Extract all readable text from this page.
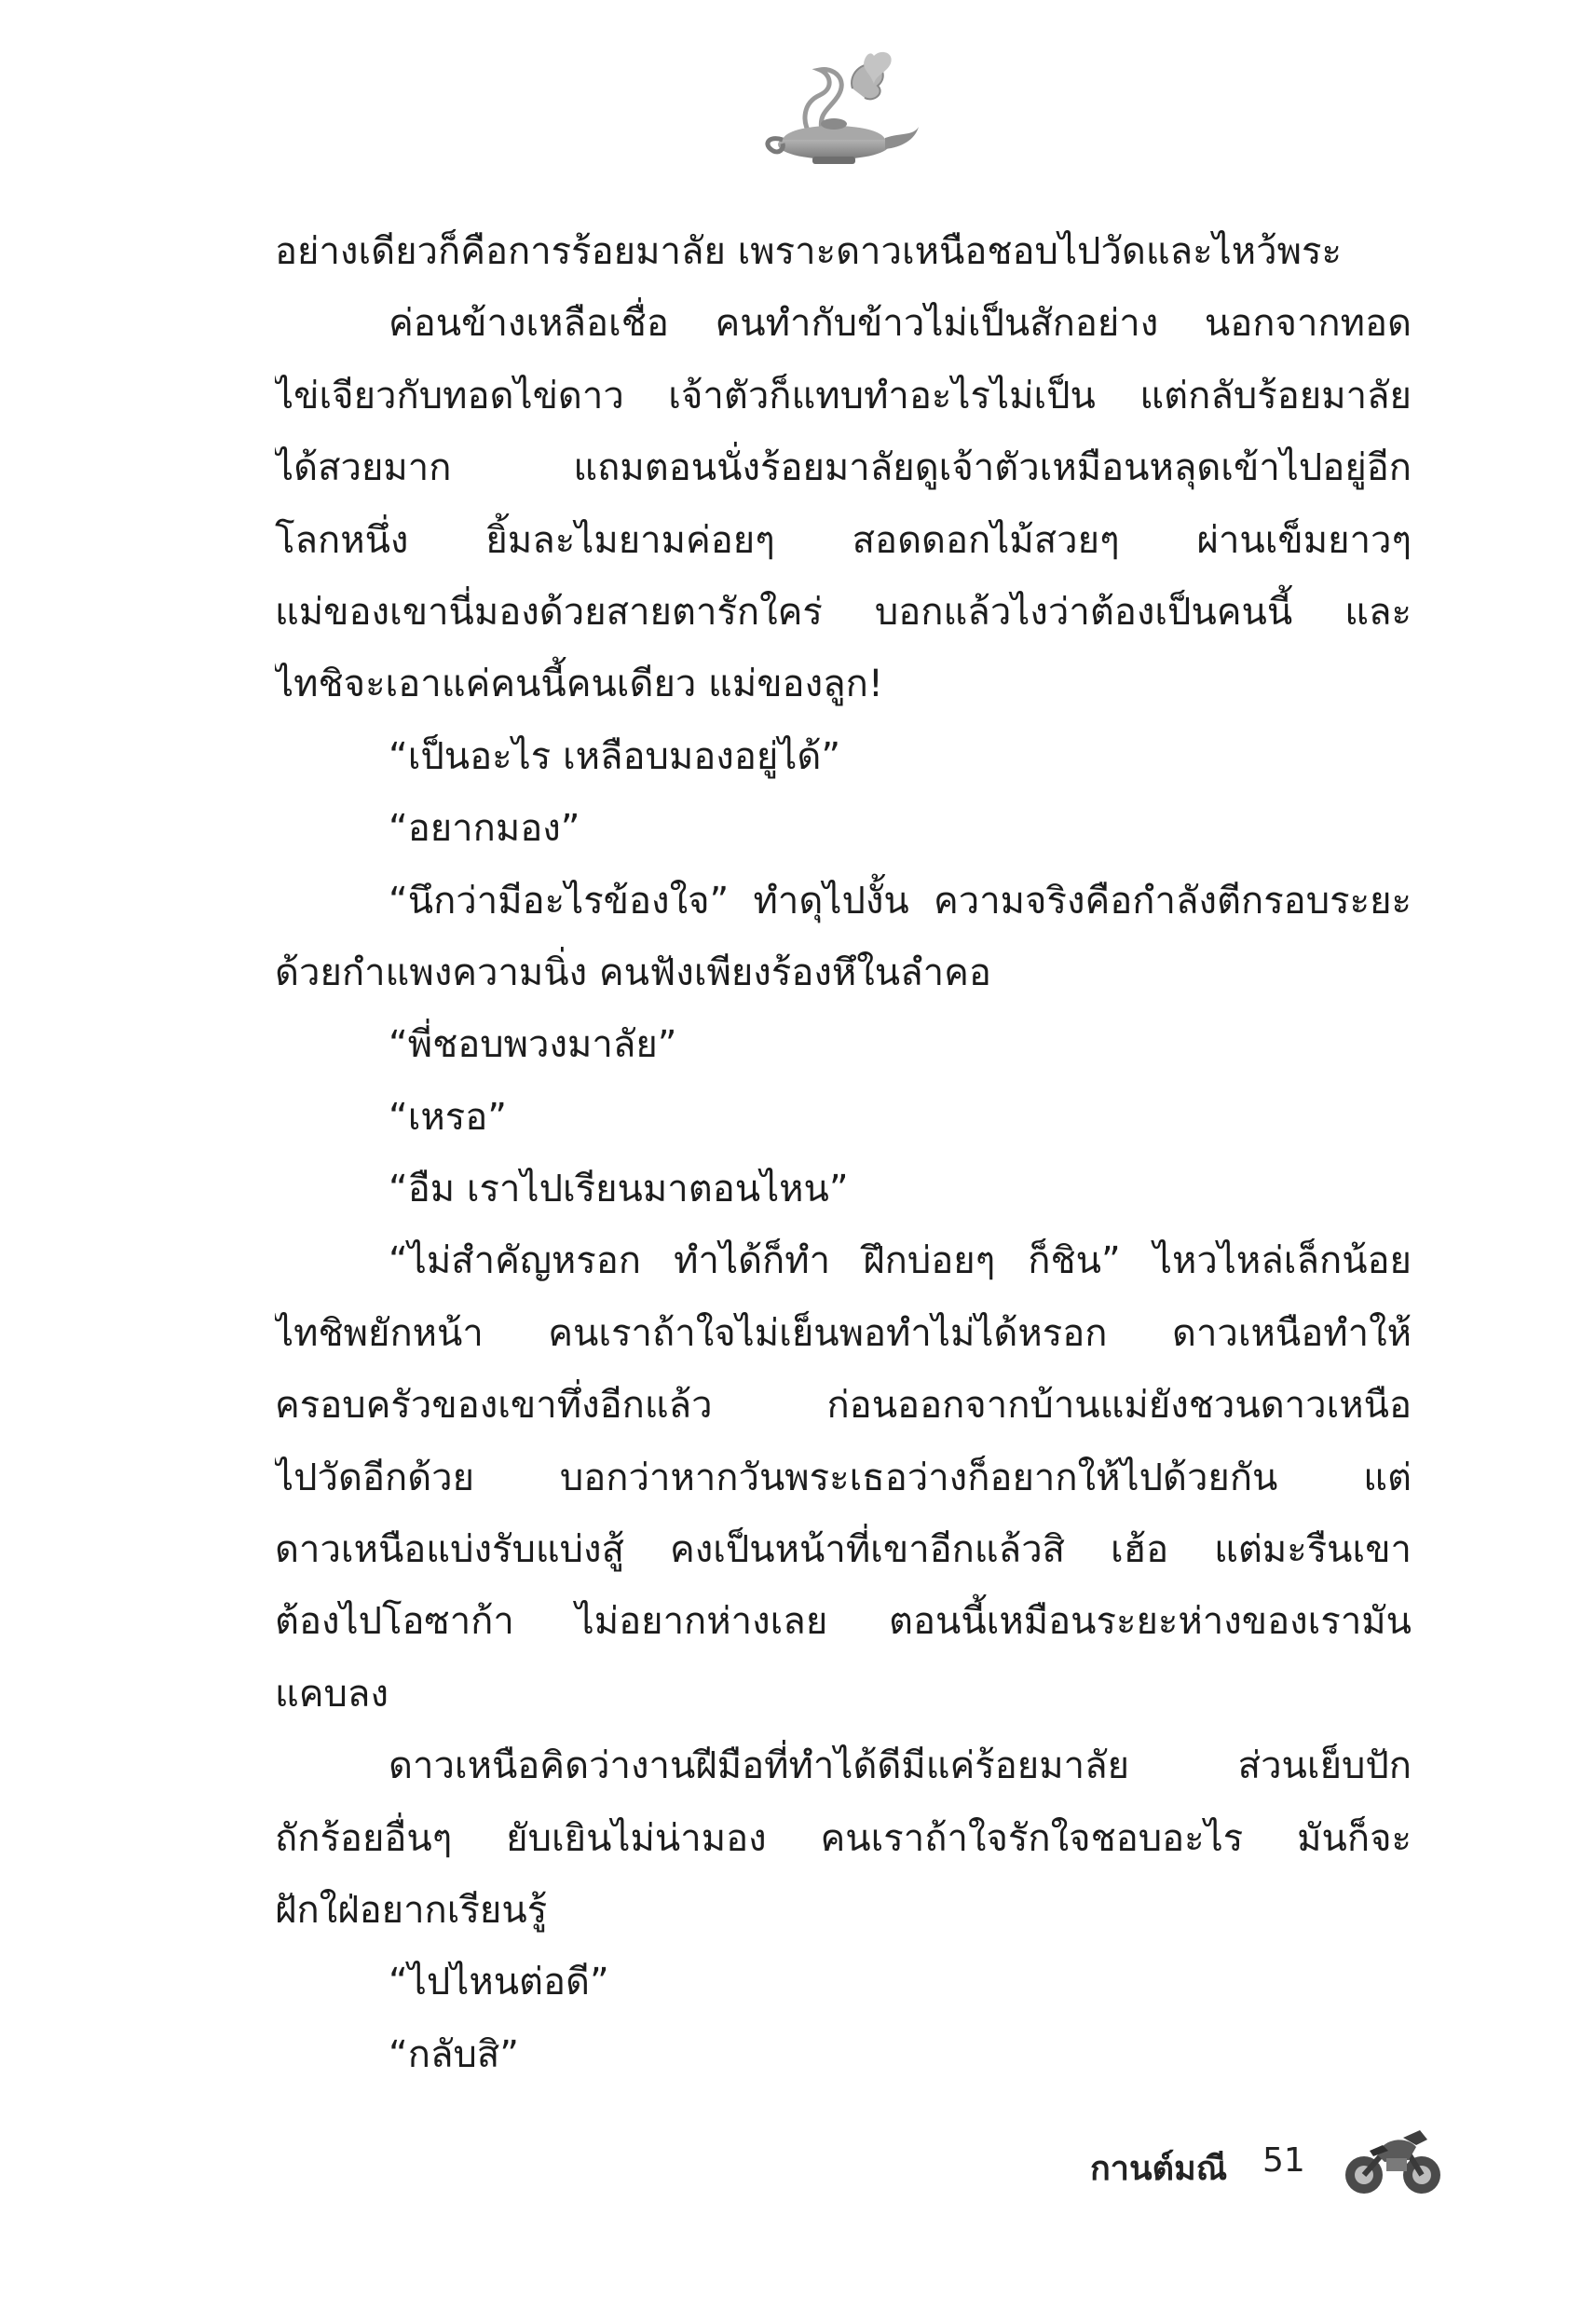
อย่างเดียวก็คือการร้อยมาลัย เพราะดาวเหนือชอบไปวัดและไหว้พระ
ค่อนข้างเหลือเชื่อ คนทำกับข้าวไม่เป็นสักอย่าง นอกจากทอด
ไข่เจียวกับทอดไข่ดาว เจ้าตัวก็แทบทำอะไรไม่เป็น แต่กลับร้อยมาลัย
ได้สวยมาก แถมตอนนั่งร้อยมาลัยดูเจ้าตัวเหมือนหลุดเข้าไปอยู่อีก
โลกหนึ่ง ยิ้มละไมยามค่อยๆ สอดดอกไม้สวยๆ ผ่านเข็มยาวๆ
แม่ของเขานี่มองด้วยสายตารักใคร่ บอกแล้วไงว่าต้องเป็นคนนี้ และ
ไทชิจะเอาแค่คนนี้คนเดียว แม่ของลูก!
“เป็นอะไร เหลือบมองอยู่ได้”
“อยากมอง”
“นึกว่ามีอะไรข้องใจ” ทำดุไปงั้น ความจริงคือกำลังตีกรอบระยะ
ด้วยกำแพงความนิ่ง คนฟังเพียงร้องหึในลำคอ
“พี่ชอบพวงมาลัย”
“เหรอ”
“อืม เราไปเรียนมาตอนไหน”
“ไม่สำคัญหรอก ทำได้ก็ทำ ฝึกบ่อยๆ ก็ชิน” ไหวไหล่เล็กน้อย
ไทชิพยักหน้า คนเราถ้าใจไม่เย็นพอทำไม่ได้หรอก ดาวเหนือทำให้
ครอบครัวของเขาทึ่งอีกแล้ว ก่อนออกจากบ้านแม่ยังชวนดาวเหนือ
ไปวัดอีกด้วย บอกว่าหากวันพระเธอว่างก็อยากให้ไปด้วยกัน แต่
ดาวเหนือแบ่งรับแบ่งสู้ คงเป็นหน้าที่เขาอีกแล้วสิ เฮ้อ แต่มะรืนเขา
ต้องไปโอซาก้า ไม่อยากห่างเลย ตอนนี้เหมือนระยะห่างของเรามัน
แคบลง
ดาวเหนือคิดว่างานฝีมือที่ทำได้ดีมีแค่ร้อยมาลัย ส่วนเย็บปัก
ถักร้อยอื่นๆ ยับเยินไม่น่ามอง คนเราถ้าใจรักใจชอบอะไร มันก็จะ
ฝักใฝ่อยากเรียนรู้
“ไปไหนต่อดี”
“กลับสิ”
กานต์มณี 51
